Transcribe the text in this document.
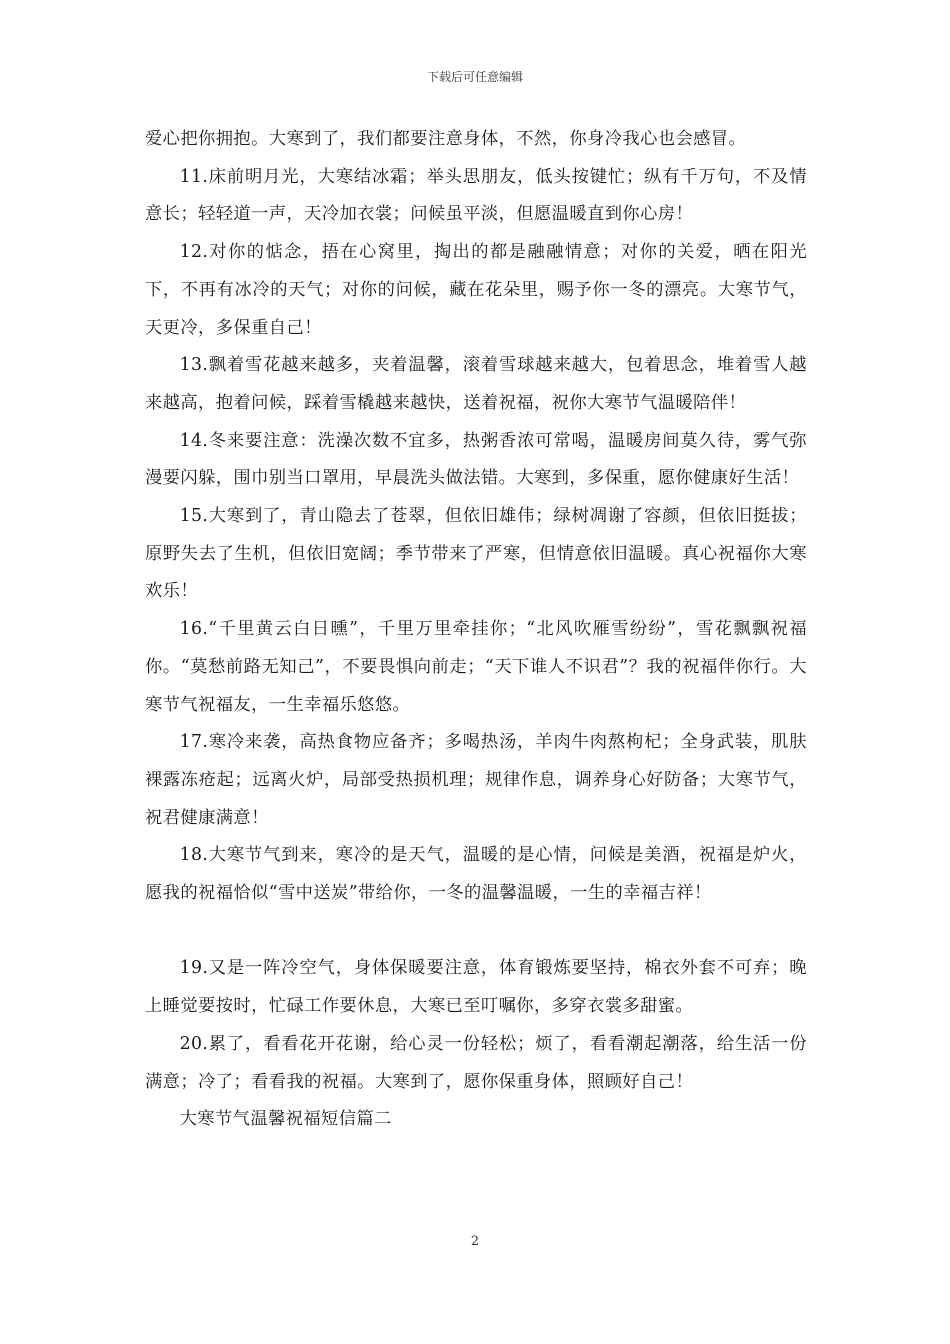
下载后可任意编辑

爱心把你拥抱。大寒到了，我们都要注意身体，不然，你身冷我心也会感冒。

11.床前明月光，大寒结冰霜；举头思朋友，低头按键忙；纵有千万句，不及情意长；轻轻道一声，天冷加衣裳；问候虽平淡，但愿温暖直到你心房！

12.对你的惦念，捂在心窝里，掏出的都是融融情意；对你的关爱，晒在阳光下，不再有冰冷的天气；对你的问候，藏在花朵里，赐予你一冬的漂亮。大寒节气，天更冷，多保重自己！

13.飘着雪花越来越多，夹着温馨，滚着雪球越来越大，包着思念，堆着雪人越来越高，抱着问候，踩着雪橇越来越快，送着祝福，祝你大寒节气温暖陪伴！

14.冬来要注意：洗澡次数不宜多，热粥香浓可常喝，温暖房间莫久待，雾气弥漫要闪躲，围巾别当口罩用，早晨洗头做法错。大寒到，多保重，愿你健康好生活！

15.大寒到了，青山隐去了苍翠，但依旧雄伟；绿树凋谢了容颜，但依旧挺拔；原野失去了生机，但依旧宽阔；季节带来了严寒，但情意依旧温暖。真心祝福你大寒欢乐！

16.“千里黄云白日曛”，千里万里牵挂你；“北风吹雁雪纷纷”，雪花飘飘祝福你。“莫愁前路无知己”，不要畏惧向前走；“天下谁人不识君”？我的祝福伴你行。大寒节气祝福友，一生幸福乐悠悠。

17.寒冷来袭，高热食物应备齐；多喝热汤，羊肉牛肉熬枸杞；全身武装，肌肤裸露冻疮起；远离火炉，局部受热损机理；规律作息，调养身心好防备；大寒节气，祝君健康满意！

18.大寒节气到来，寒冷的是天气，温暖的是心情，问候是美酒，祝福是炉火，愿我的祝福恰似“雪中送炭”带给你，一冬的温馨温暖，一生的幸福吉祥！

19.又是一阵冷空气，身体保暖要注意，体育锻炼要坚持，棉衣外套不可弃；晚上睡觉要按时，忙碌工作要休息，大寒已至叮嘱你，多穿衣裳多甜蜜。

20.累了，看看花开花谢，给心灵一份轻松；烦了，看看潮起潮落，给生活一份满意；冷了；看看我的祝福。大寒到了，愿你保重身体，照顾好自己！

大寒节气温馨祝福短信篇二

2
